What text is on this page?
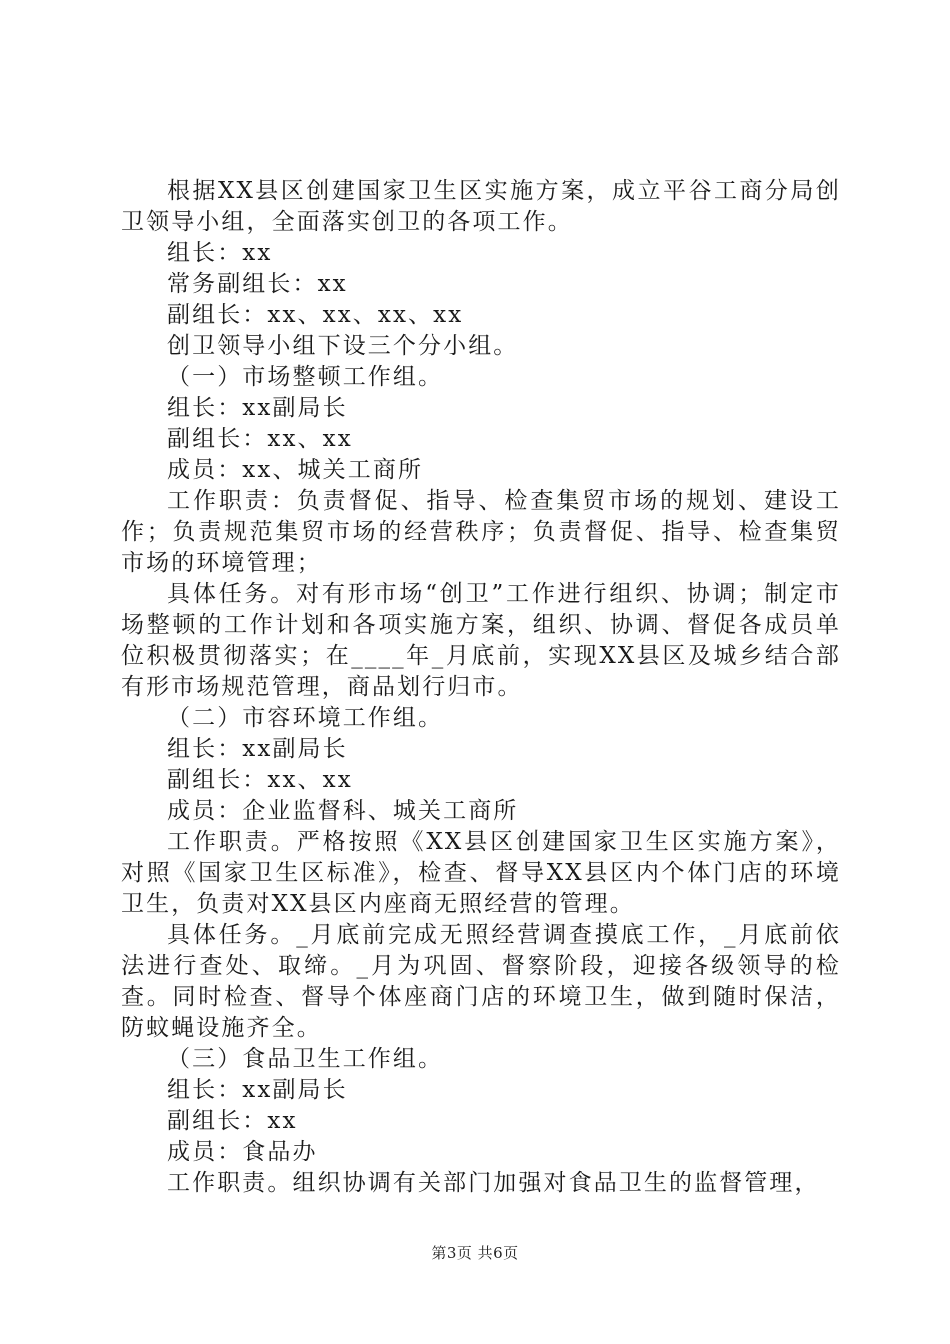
根据XX县区创建国家卫生区实施方案，成立平谷工商分局创卫领导小组，全面落实创卫的各项工作。

组长：xx

常务副组长：xx

副组长：xx、xx、xx、xx

创卫领导小组下设三个分小组。

（一）市场整顿工作组。

组长：xx副局长

副组长：xx、xx

成员：xx、城关工商所

工作职责：负责督促、指导、检查集贸市场的规划、建设工作；负责规范集贸市场的经营秩序；负责督促、指导、检查集贸市场的环境管理；

具体任务。对有形市场“创卫”工作进行组织、协调；制定市场整顿的工作计划和各项实施方案，组织、协调、督促各成员单位积极贯彻落实；在____年_月底前，实现XX县区及城乡结合部有形市场规范管理，商品划行归市。

（二）市容环境工作组。

组长：xx副局长

副组长：xx、xx

成员：企业监督科、城关工商所

工作职责。严格按照《XX县区创建国家卫生区实施方案》，对照《国家卫生区标准》，检查、督导XX县区内个体门店的环境卫生，负责对XX县区内座商无照经营的管理。

具体任务。_月底前完成无照经营调查摸底工作，_月底前依法进行查处、取缔。_月为巩固、督察阶段，迎接各级领导的检查。同时检查、督导个体座商门店的环境卫生，做到随时保洁，防蚊蝇设施齐全。

（三）食品卫生工作组。

组长：xx副局长

副组长：xx

成员：食品办

工作职责。组织协调有关部门加强对食品卫生的监督管理，

第3页 共6页
